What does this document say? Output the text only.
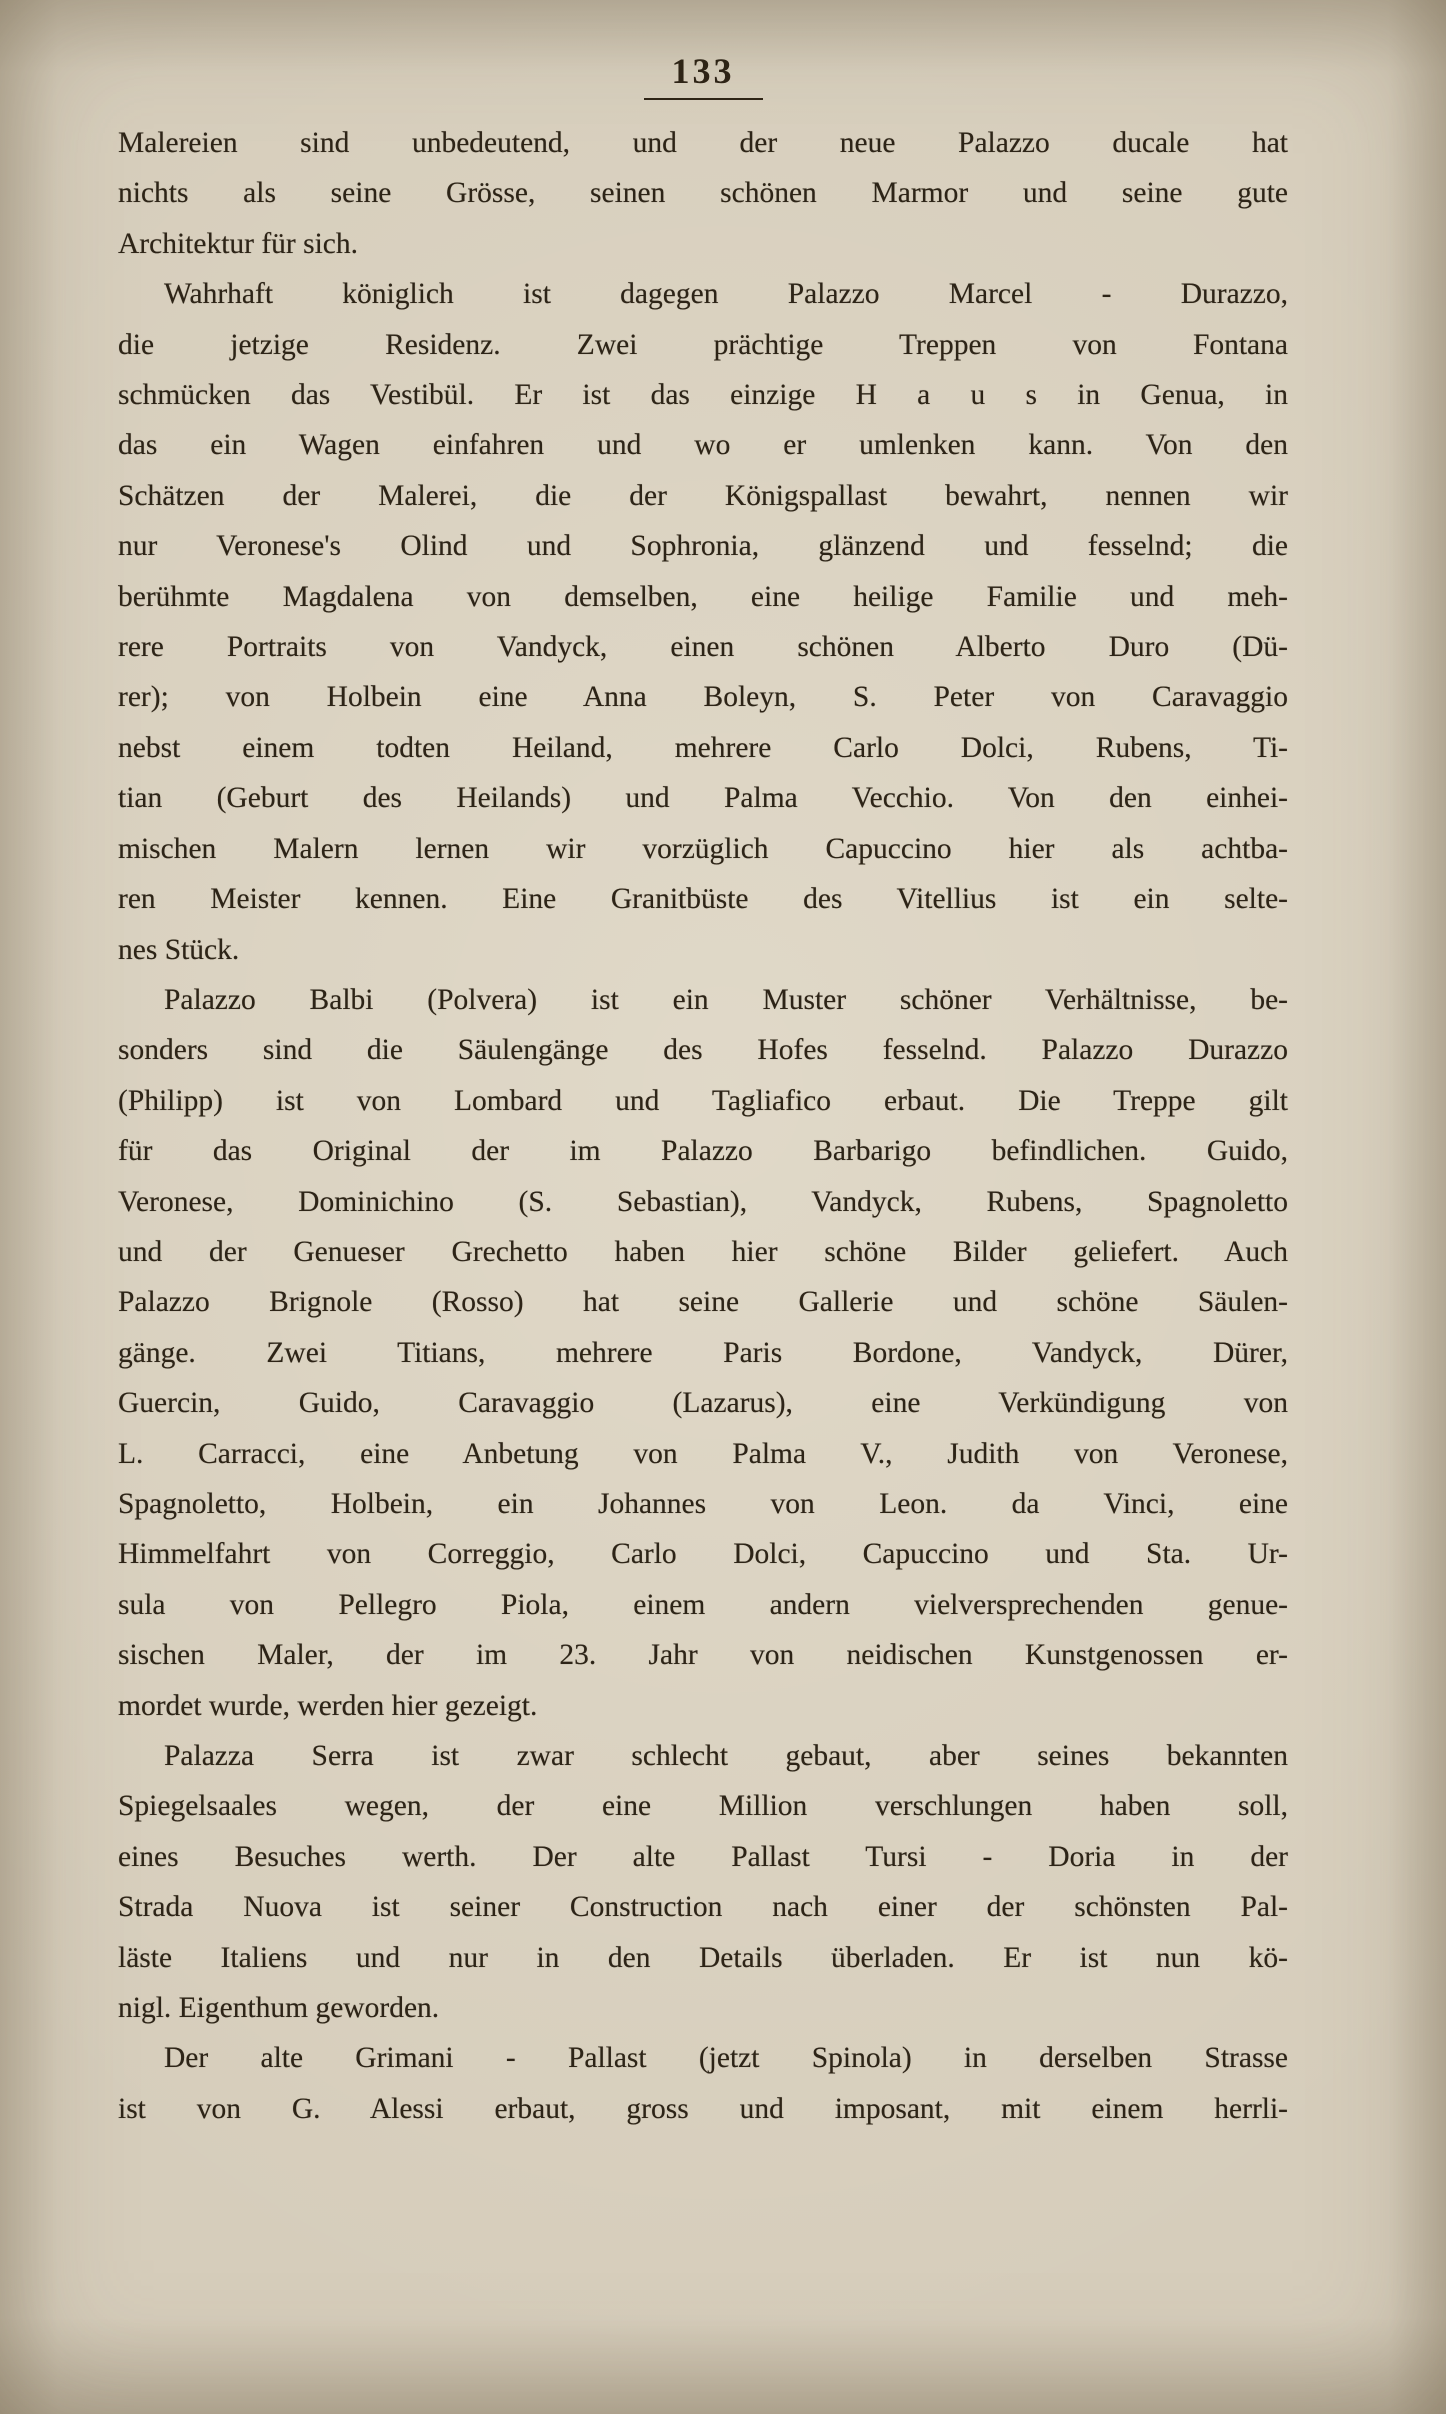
133
Malereien sind unbedeutend, und der neue Palazzo ducale hat
nichts als seine Grösse, seinen schönen Marmor und seine gute
Architektur für sich.
Wahrhaft königlich ist dagegen Palazzo Marcel - Durazzo,
die jetzige Residenz. Zwei prächtige Treppen von Fontana
schmücken das Vestibül. Er ist das einzige H a u s in Genua, in
das ein Wagen einfahren und wo er umlenken kann. Von den
Schätzen der Malerei, die der Königspallast bewahrt, nennen wir
nur Veronese's Olind und Sophronia, glänzend und fesselnd; die
berühmte Magdalena von demselben, eine heilige Familie und meh-
rere Portraits von Vandyck, einen schönen Alberto Duro (Dü-
rer); von Holbein eine Anna Boleyn, S. Peter von Caravaggio
nebst einem todten Heiland, mehrere Carlo Dolci, Rubens, Ti-
tian (Geburt des Heilands) und Palma Vecchio. Von den einhei-
mischen Malern lernen wir vorzüglich Capuccino hier als achtba-
ren Meister kennen. Eine Granitbüste des Vitellius ist ein selte-
nes Stück.
Palazzo Balbi (Polvera) ist ein Muster schöner Verhältnisse, be-
sonders sind die Säulengänge des Hofes fesselnd. Palazzo Durazzo
(Philipp) ist von Lombard und Tagliafico erbaut. Die Treppe gilt
für das Original der im Palazzo Barbarigo befindlichen. Guido,
Veronese, Dominichino (S. Sebastian), Vandyck, Rubens, Spagnoletto
und der Genueser Grechetto haben hier schöne Bilder geliefert. Auch
Palazzo Brignole (Rosso) hat seine Gallerie und schöne Säulen-
gänge. Zwei Titians, mehrere Paris Bordone, Vandyck, Dürer,
Guercin, Guido, Caravaggio (Lazarus), eine Verkündigung von
L. Carracci, eine Anbetung von Palma V., Judith von Veronese,
Spagnoletto, Holbein, ein Johannes von Leon. da Vinci, eine
Himmelfahrt von Correggio, Carlo Dolci, Capuccino und Sta. Ur-
sula von Pellegro Piola, einem andern vielversprechenden genue-
sischen Maler, der im 23. Jahr von neidischen Kunstgenossen er-
mordet wurde, werden hier gezeigt.
Palazza Serra ist zwar schlecht gebaut, aber seines bekannten
Spiegelsaales wegen, der eine Million verschlungen haben soll,
eines Besuches werth. Der alte Pallast Tursi - Doria in der
Strada Nuova ist seiner Construction nach einer der schönsten Pal-
läste Italiens und nur in den Details überladen. Er ist nun kö-
nigl. Eigenthum geworden.
Der alte Grimani - Pallast (jetzt Spinola) in derselben Strasse
ist von G. Alessi erbaut, gross und imposant, mit einem herrli-
